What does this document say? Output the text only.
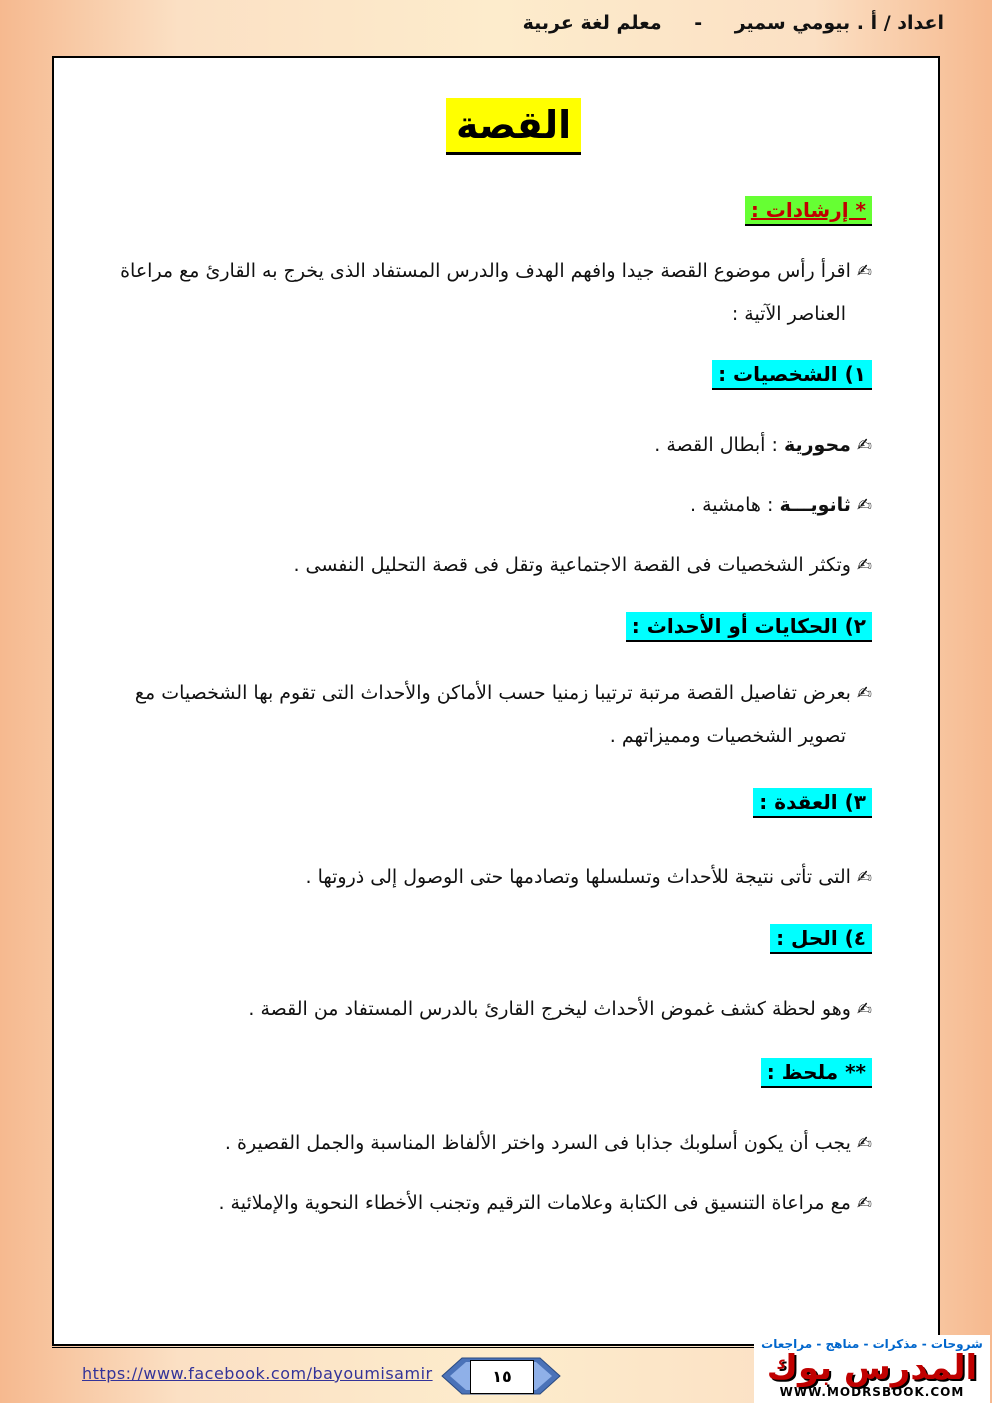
اعداد / أ . بيومي سمير - معلم لغة عربية
القصة
* إرشادات :
✍اقرأ رأس موضوع القصة جيدا وافهم الهدف والدرس المستفاد الذى يخرج به القارئ مع مراعاة
العناصر الآتية :
١) الشخصيات :
✍محورية : أبطال القصة .
✍ثانويـــة : هامشية .
✍وتكثر الشخصيات فى القصة الاجتماعية وتقل فى قصة التحليل النفسى .
٢) الحكايات أو الأحداث :
✍بعرض تفاصيل القصة مرتبة ترتيبا زمنيا حسب الأماكن والأحداث التى تقوم بها الشخصيات مع
تصوير الشخصيات ومميزاتهم .
٣) العقدة :
✍التى تأتى نتيجة للأحداث وتسلسلها وتصادمها حتى الوصول إلى ذروتها .
٤) الحل :
✍وهو لحظة كشف غموض الأحداث ليخرج القارئ بالدرس المستفاد من القصة .
** ملحظ :
✍يجب أن يكون أسلوبك جذابا فى السرد واختر الألفاظ المناسبة والجمل القصيرة .
✍مع مراعاة التنسيق فى الكتابة وعلامات الترقيم وتجنب الأخطاء النحوية والإملائية .
https://www.facebook.com/bayoumisamir	١٥
شروحات - مذكرات - مناهج - مراجعات
المدرس بوك
WWW.MODRSBOOK.COM
